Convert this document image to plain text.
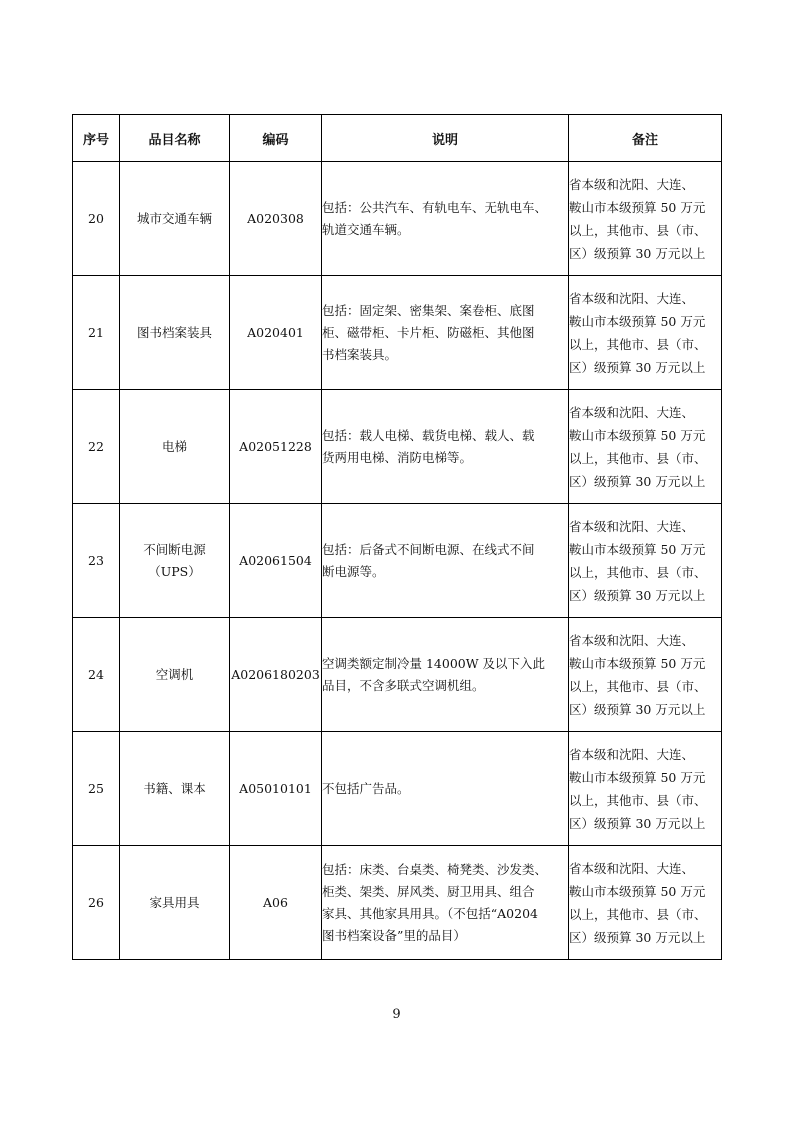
序号	品目名称	编码	说明	备注
20	城市交通车辆	A020308	包括：公共汽车、有轨电车、无轨电车、
轨道交通车辆。	省本级和沈阳、大连、
鞍山市本级预算 50 万元
以上，其他市、县（市、
区）级预算 30 万元以上

21	图书档案装具	A020401	包括：固定架、密集架、案卷柜、底图
柜、磁带柜、卡片柜、防磁柜、其他图
书档案装具。	省本级和沈阳、大连、
鞍山市本级预算 50 万元
以上，其他市、县（市、
区）级预算 30 万元以上

22	电梯	A02051228	包括：载人电梯、载货电梯、载人、载
货两用电梯、消防电梯等。	省本级和沈阳、大连、
鞍山市本级预算 50 万元
以上，其他市、县（市、
区）级预算 30 万元以上

23	不间断电源
（UPS）	A02061504	包括：后备式不间断电源、在线式不间
断电源等。	省本级和沈阳、大连、
鞍山市本级预算 50 万元
以上，其他市、县（市、
区）级预算 30 万元以上

24	空调机	A0206180203	空调类额定制冷量 14000W 及以下入此
品目，不含多联式空调机组。	省本级和沈阳、大连、
鞍山市本级预算 50 万元
以上，其他市、县（市、
区）级预算 30 万元以上

25	书籍、课本	A05010101	不包括广告品。	省本级和沈阳、大连、
鞍山市本级预算 50 万元
以上，其他市、县（市、
区）级预算 30 万元以上

26	家具用具	A06	包括：床类、台桌类、椅凳类、沙发类、
柜类、架类、屏风类、厨卫用具、组合
家具、其他家具用具。（不包括“A0204
图书档案设备”里的品目）	省本级和沈阳、大连、
鞍山市本级预算 50 万元
以上，其他市、县（市、
区）级预算 30 万元以上
9
